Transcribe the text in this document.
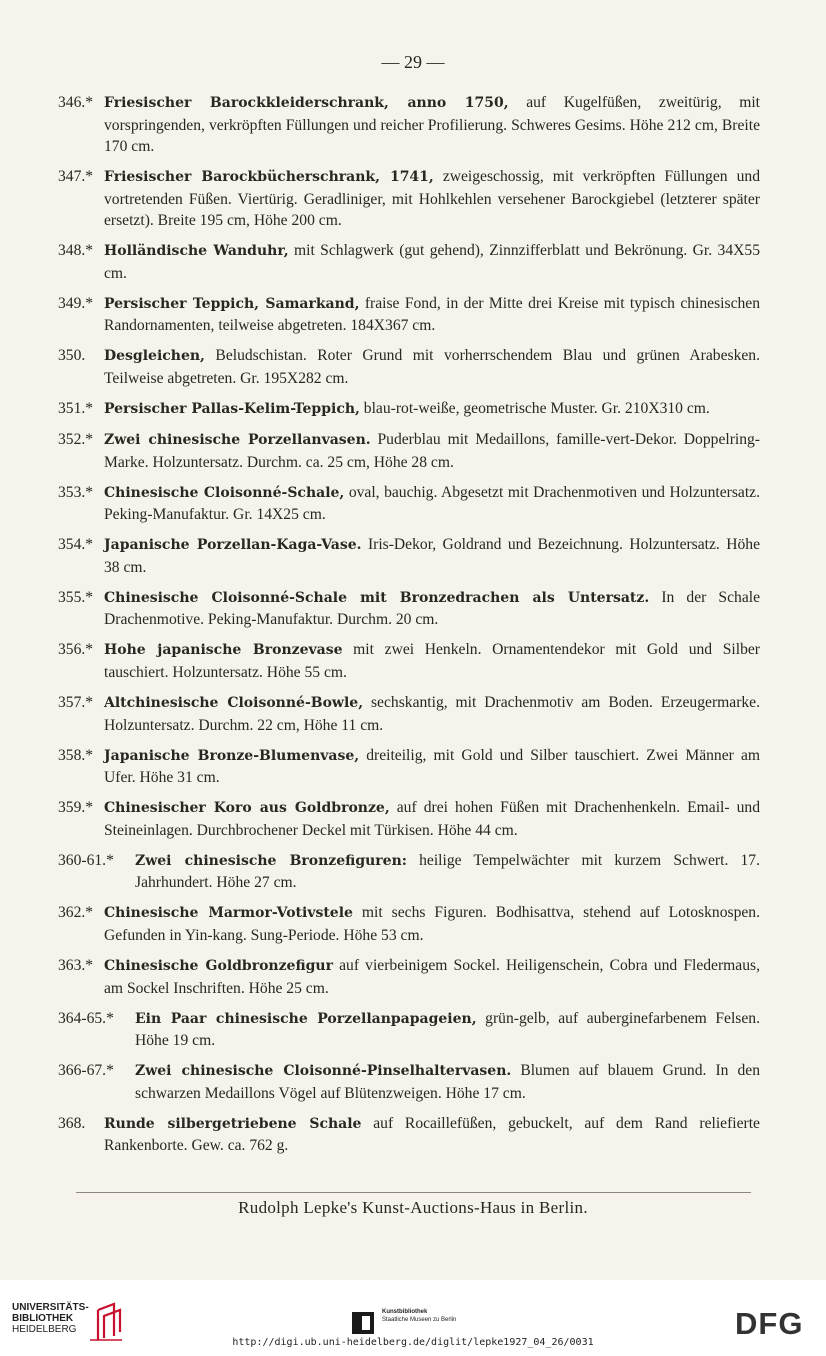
— 29 —
346.* Friesischer Barockkleiderschrank, anno 1750, auf Kugelfüßen, zweitürig, mit vorspringenden, verkröpften Füllungen und reicher Profilierung. Schweres Gesims. Höhe 212 cm, Breite 170 cm.
347.* Friesischer Barockbücherschrank, 1741, zweigeschossig, mit verkröpften Füllungen und vortretenden Füßen. Viertürig. Geradliniger, mit Hohlkehlen versehener Barockgiebel (letzterer später ersetzt). Breite 195 cm, Höhe 200 cm.
348.* Holländische Wanduhr, mit Schlagwerk (gut gehend), Zinnzifferblatt und Bekrönung. Gr. 34X55 cm.
349.* Persischer Teppich, Samarkand, fraise Fond, in der Mitte drei Kreise mit typisch chinesischen Randornamenten, teilweise abgetreten. 184X367 cm.
350. Desgleichen, Beludschistan. Roter Grund mit vorherrschendem Blau und grünen Arabesken. Teilweise abgetreten. Gr. 195X282 cm.
351.* Persischer Pallas-Kelim-Teppich, blau-rot-weiße, geometrische Muster. Gr. 210X310 cm.
352.* Zwei chinesische Porzellanvasen. Puderblau mit Medaillons, famille-vert-Dekor. Doppelring-Marke. Holzuntersatz. Durchm. ca. 25 cm, Höhe 28 cm.
353.* Chinesische Cloisonné-Schale, oval, bauchig. Abgesetzt mit Drachenmotiven und Holzuntersatz. Peking-Manufaktur. Gr. 14X25 cm.
354.* Japanische Porzellan-Kaga-Vase. Iris-Dekor, Goldrand und Bezeichnung. Holzuntersatz. Höhe 38 cm.
355.* Chinesische Cloisonné-Schale mit Bronzedrachen als Untersatz. In der Schale Drachenmotive. Peking-Manufaktur. Durchm. 20 cm.
356.* Hohe japanische Bronzevase mit zwei Henkeln. Ornamentendekor mit Gold und Silber tauschiert. Holzuntersatz. Höhe 55 cm.
357.* Altchinesische Cloisonné-Bowle, sechskantig, mit Drachenmotiv am Boden. Erzeugermarke. Holzuntersatz. Durchm. 22 cm, Höhe 11 cm.
358.* Japanische Bronze-Blumenvase, dreiteilig, mit Gold und Silber tauschiert. Zwei Männer am Ufer. Höhe 31 cm.
359.* Chinesischer Koro aus Goldbronze, auf drei hohen Füßen mit Drachenhenkeln. Email- und Steineinlagen. Durchbrochener Deckel mit Türkisen. Höhe 44 cm.
360-61.* Zwei chinesische Bronzefiguren: heilige Tempelwächter mit kurzem Schwert. 17. Jahrhundert. Höhe 27 cm.
362.* Chinesische Marmor-Votivstele mit sechs Figuren. Bodhisattva, stehend auf Lotosknospen. Gefunden in Yin-kang. Sung-Periode. Höhe 53 cm.
363.* Chinesische Goldbronzefigur auf vierbeinigem Sockel. Heiligenschein, Cobra und Fledermaus, am Sockel Inschriften. Höhe 25 cm.
364-65.* Ein Paar chinesische Porzellanpapageien, grün-gelb, auf auberginefarbenem Felsen. Höhe 19 cm.
366-67.* Zwei chinesische Cloisonné-Pinselhaltervasen. Blumen auf blauem Grund. In den schwarzen Medaillons Vögel auf Blütenzweigen. Höhe 17 cm.
368. Runde silbergetriebene Schale auf Rocaillefüßen, gebuckelt, auf dem Rand reliefierte Rankenborte. Gew. ca. 762 g.
Rudolph Lepke's Kunst-Auctions-Haus in Berlin.
UNIVERSITÄTS-
BIBLIOTHEK
HEIDELBERG
Kunstbibliothek
Staatliche Museen zu Berlin	DFG
http://digi.ub.uni-heidelberg.de/diglit/lepke1927_04_26/0031
